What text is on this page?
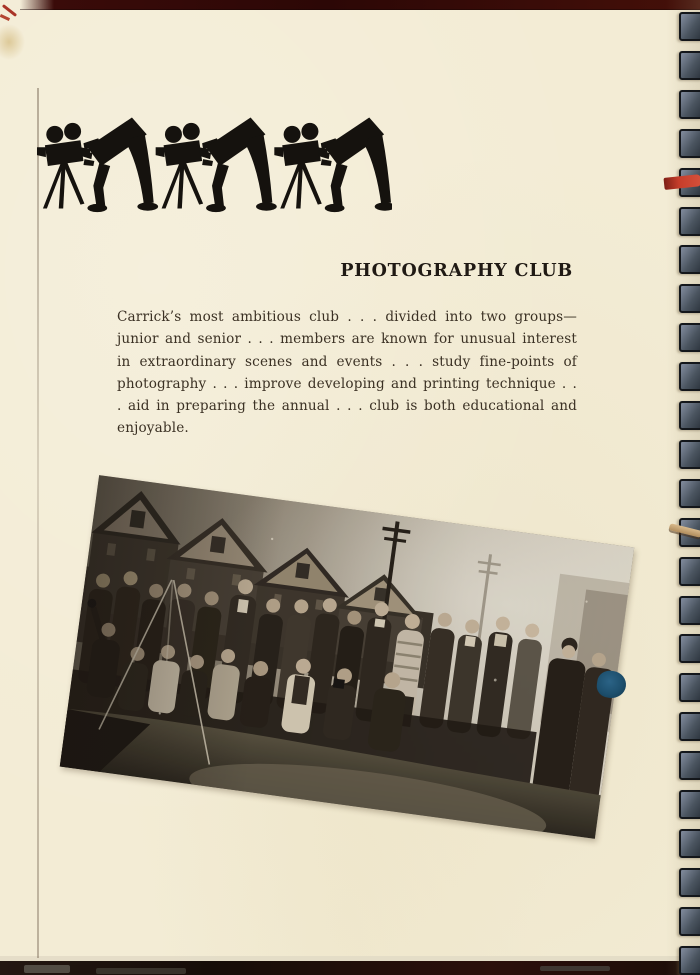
PHOTOGRAPHY CLUB

Carrick’s most ambitious club . . . divided into two groups—junior and senior . . . members are known for unusual interest in extraordinary scenes and events . . . study fine-points of photography . . . improve developing and printing technique . . . aid in preparing the annual . . . club is both educational and enjoyable.
